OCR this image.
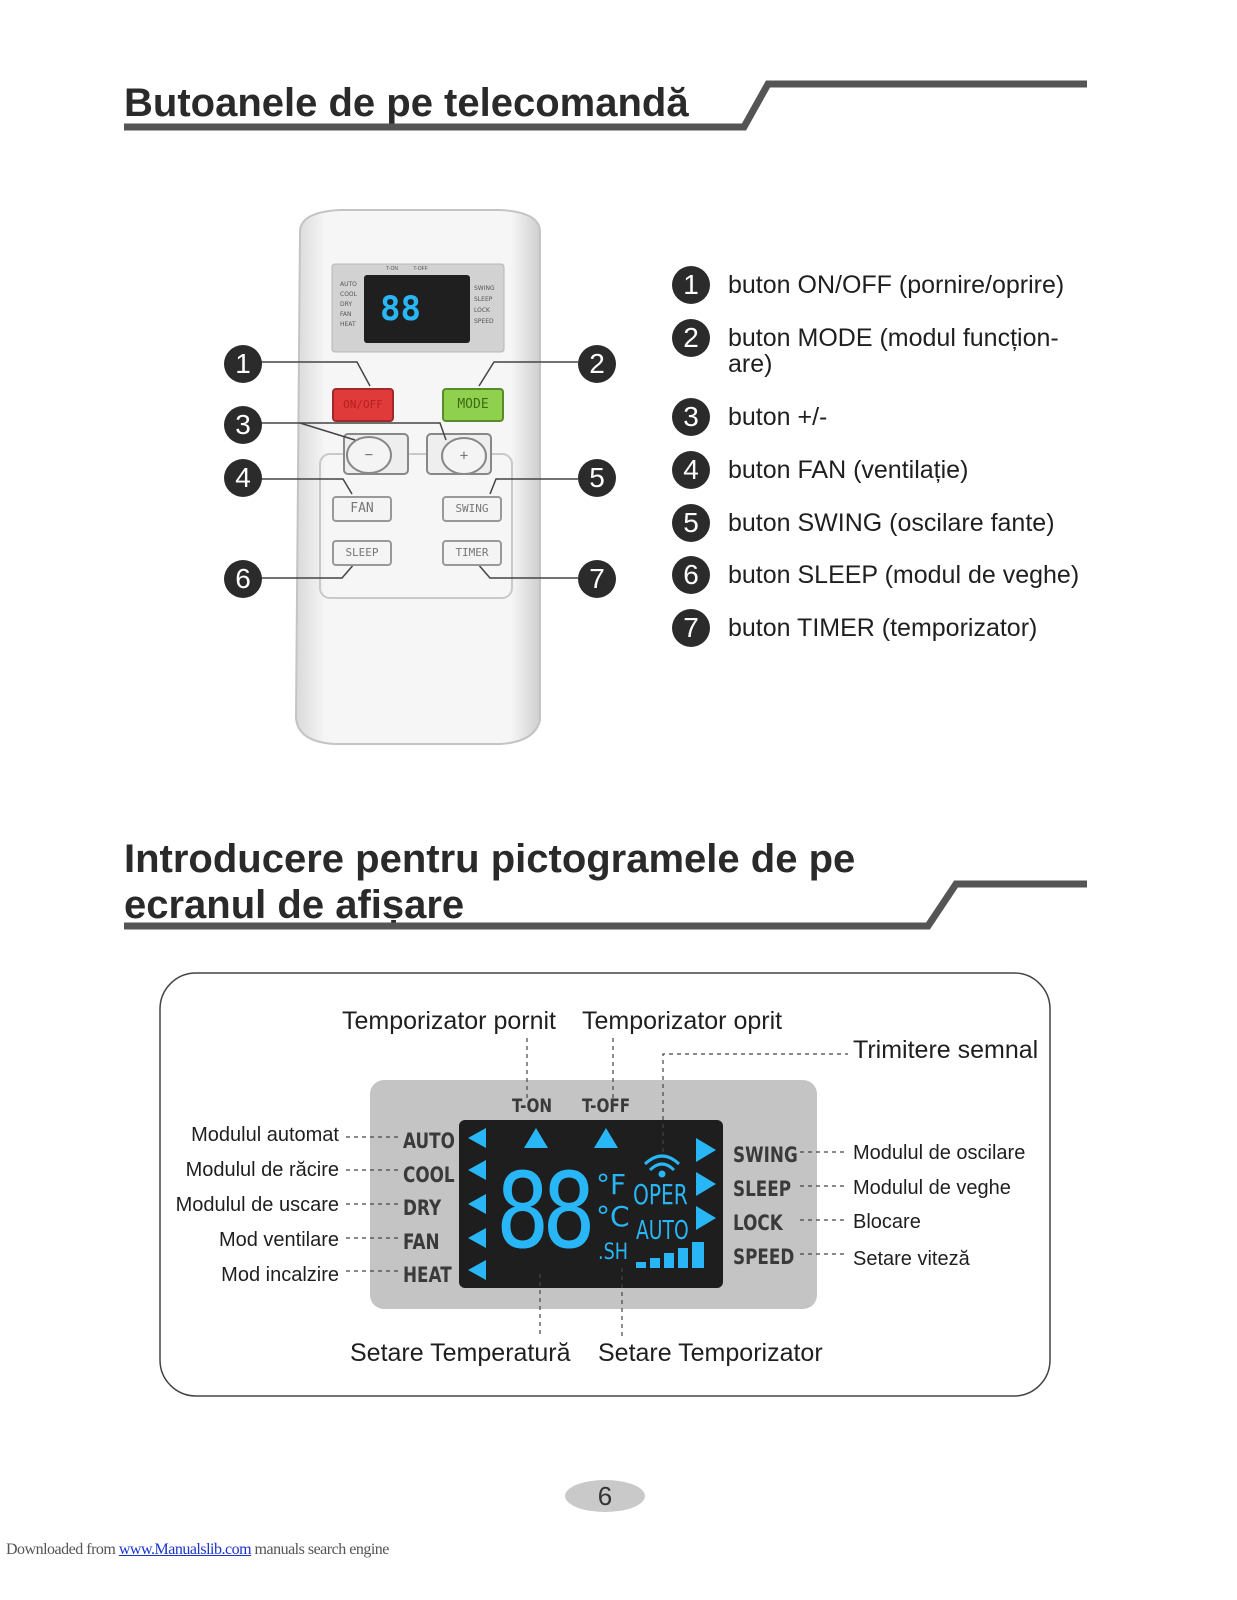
Butoanele de pe telecomandă
AUTO
COOL
DRY
FAN
HEAT
SWING
SLEEP
LOCK
SPEED
T-ON	T-OFF
88
ON/OFF	MODE
−	+
FAN	SWING
SLEEP	TIMER
1	2
3
4	5
6	7
1	buton ON/OFF (pornire/oprire)
2	buton MODE (modul funcțion-are)
3	buton +/-
4	buton FAN (ventilație)
5	buton SWING (oscilare fante)
6	buton SLEEP (modul de veghe)
7	buton TIMER (temporizator)
Introducere pentru pictogramele de pe
ecranul de afișare
T-ON T-OFF
AUTO
COOL
DRY
FAN
HEAT
SWING
SLEEP
LOCK
SPEED
88 °F
°C
.SH
OPER
AUTO
Temporizator pornit Temporizator oprit
Trimitere semnal
Modulul automat
Modulul de răcire
Modulul de uscare
Mod ventilare
Mod incalzire
Modulul de oscilare
Modulul de veghe
Blocare
Setare viteză
Setare Temperatură Setare Temporizator
6
Downloaded from www.Manualslib.com manuals search engine
